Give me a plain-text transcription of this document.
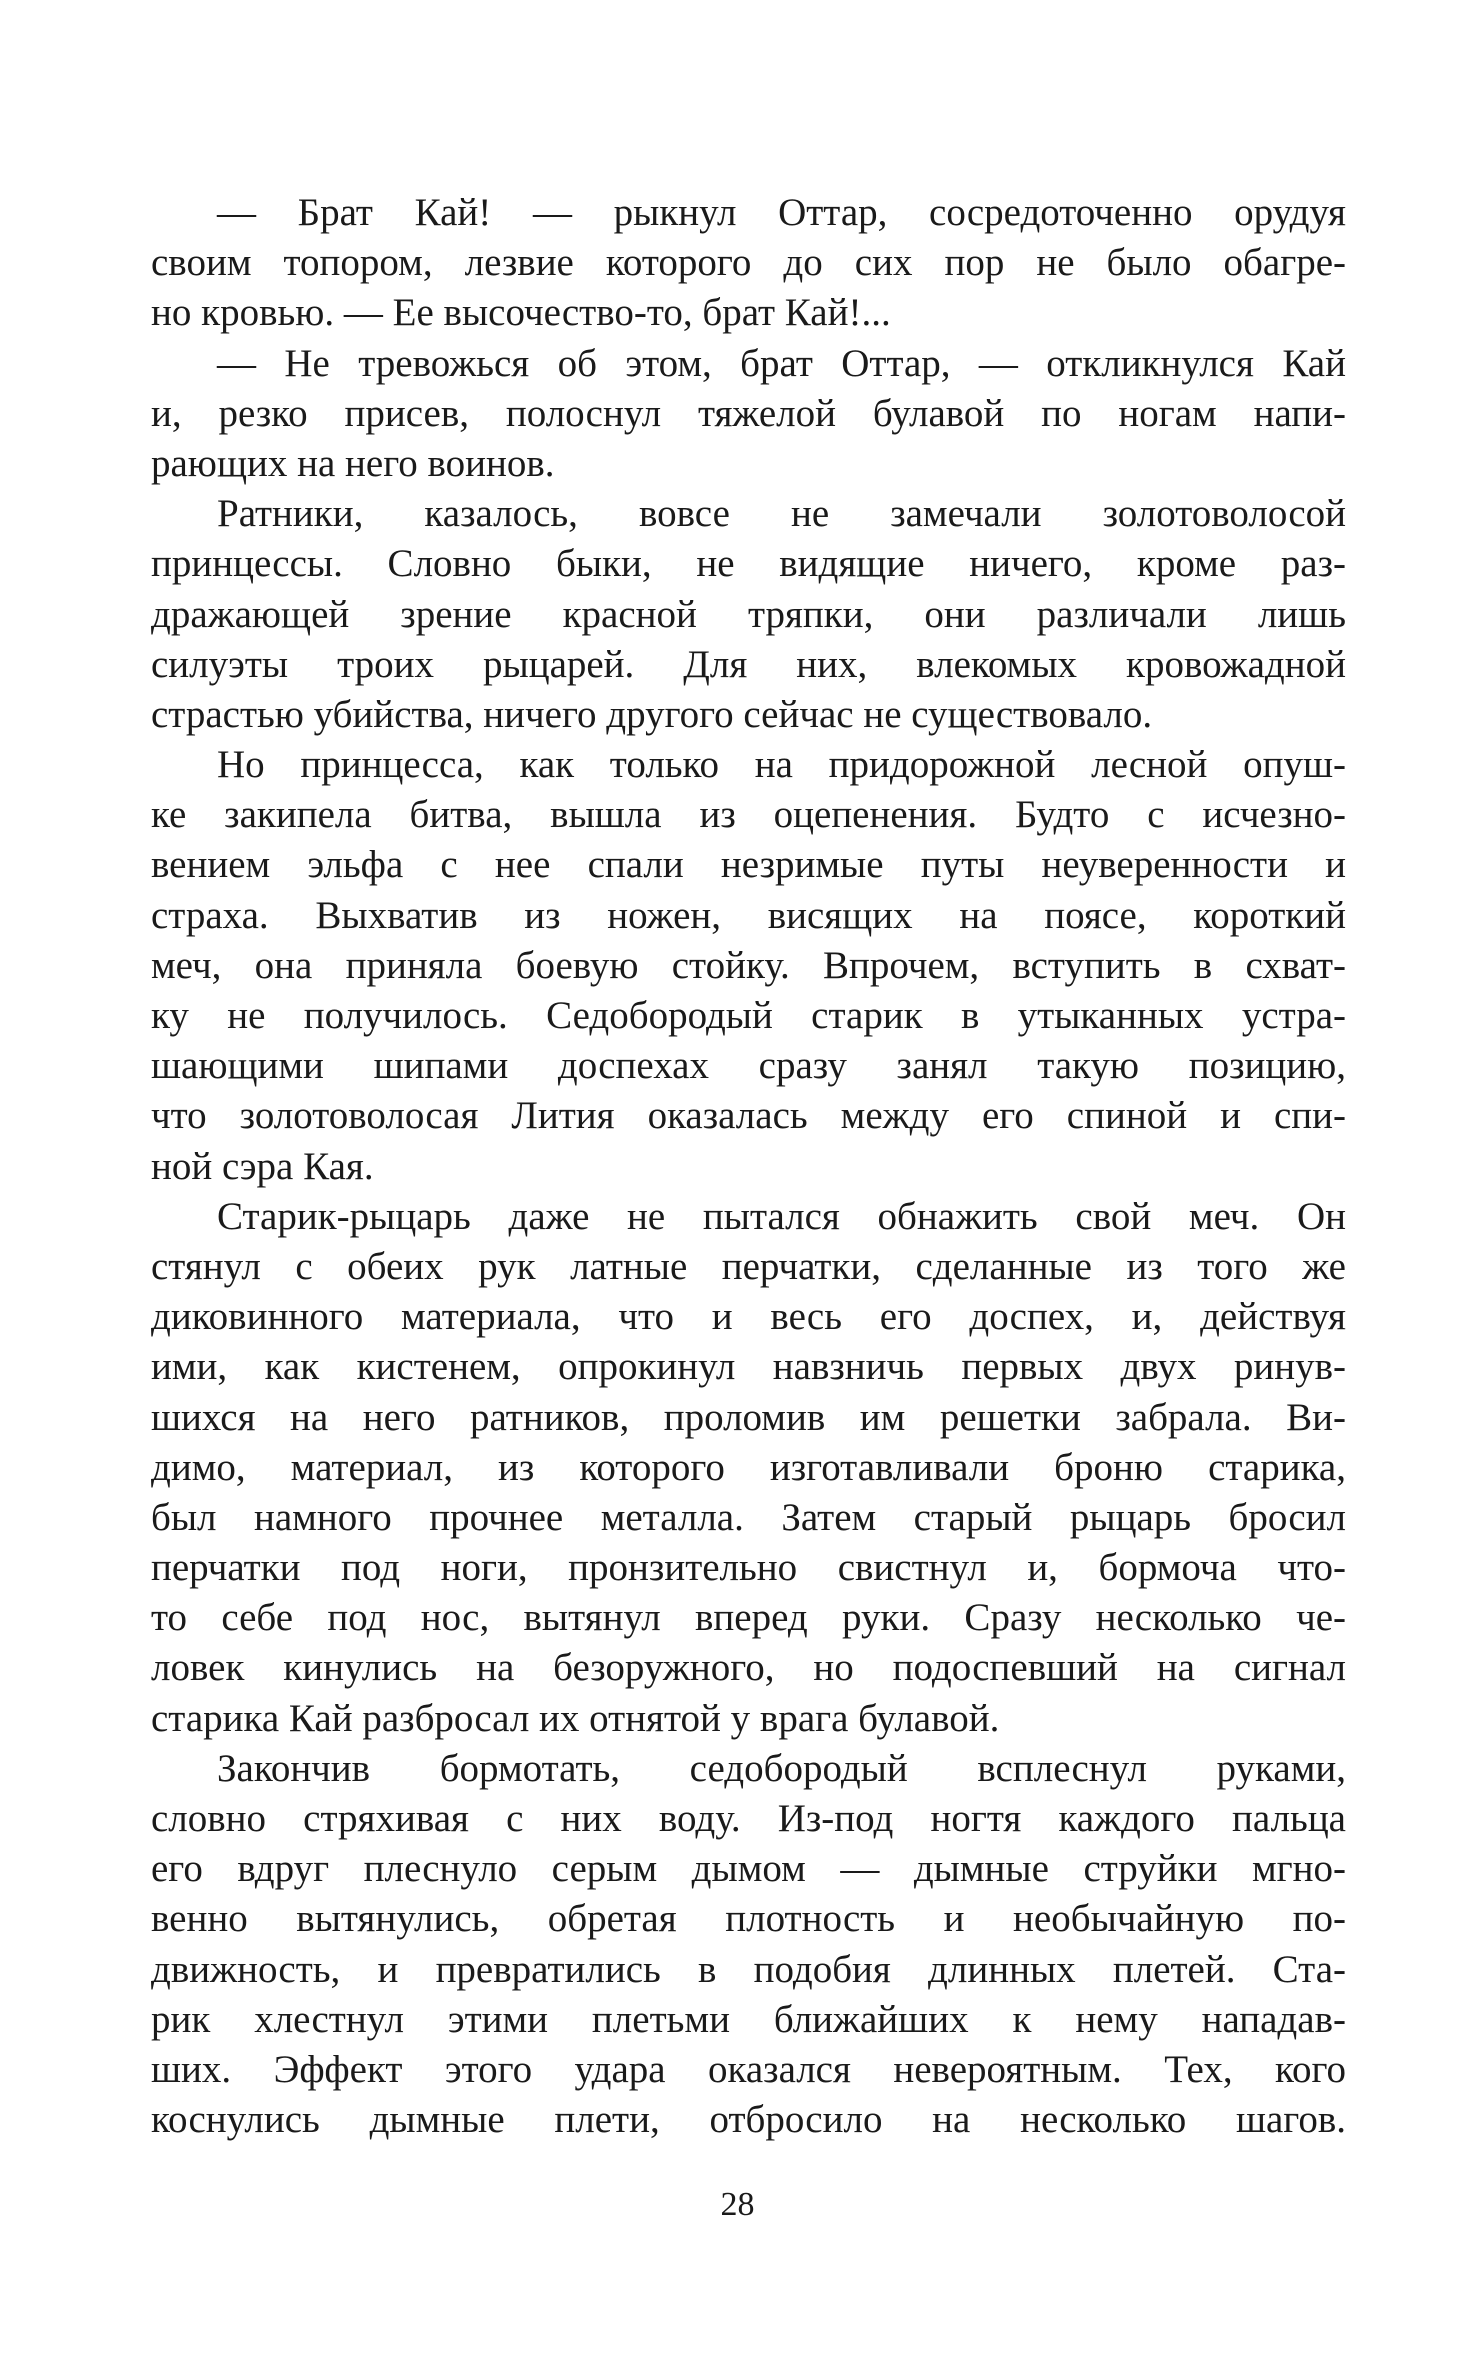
— Брат Кай! — рыкнул Оттар, сосредоточенно орудуя
своим топором, лезвие которого до сих пор не было обагре-
но кровью. — Ее высочество-то, брат Кай!...
— Не тревожься об этом, брат Оттар, — откликнулся Кай
и, резко присев, полоснул тяжелой булавой по ногам напи-
рающих на него воинов.
Ратники, казалось, вовсе не замечали золотоволосой
принцессы. Словно быки, не видящие ничего, кроме раз-
дражающей зрение красной тряпки, они различали лишь
силуэты троих рыцарей. Для них, влекомых кровожадной
страстью убийства, ничего другого сейчас не существовало.
Но принцесса, как только на придорожной лесной опуш-
ке закипела битва, вышла из оцепенения. Будто с исчезно-
вением эльфа с нее спали незримые путы неуверенности и
страха. Выхватив из ножен, висящих на поясе, короткий
меч, она приняла боевую стойку. Впрочем, вступить в схват-
ку не получилось. Седобородый старик в утыканных устра-
шающими шипами доспехах сразу занял такую позицию,
что золотоволосая Лития оказалась между его спиной и спи-
ной сэра Кая.
Старик-рыцарь даже не пытался обнажить свой меч. Он
стянул с обеих рук латные перчатки, сделанные из того же
диковинного материала, что и весь его доспех, и, действуя
ими, как кистенем, опрокинул навзничь первых двух ринув-
шихся на него ратников, проломив им решетки забрала. Ви-
димо, материал, из которого изготавливали броню старика,
был намного прочнее металла. Затем старый рыцарь бросил
перчатки под ноги, пронзительно свистнул и, бормоча что-
то себе под нос, вытянул вперед руки. Сразу несколько че-
ловек кинулись на безоружного, но подоспевший на сигнал
старика Кай разбросал их отнятой у врага булавой.
Закончив бормотать, седобородый всплеснул руками,
словно стряхивая с них воду. Из-под ногтя каждого пальца
его вдруг плеснуло серым дымом — дымные струйки мгно-
венно вытянулись, обретая плотность и необычайную по-
движность, и превратились в подобия длинных плетей. Ста-
рик хлестнул этими плетьми ближайших к нему нападав-
ших. Эффект этого удара оказался невероятным. Тех, кого
коснулись дымные плети, отбросило на несколько шагов.
28
